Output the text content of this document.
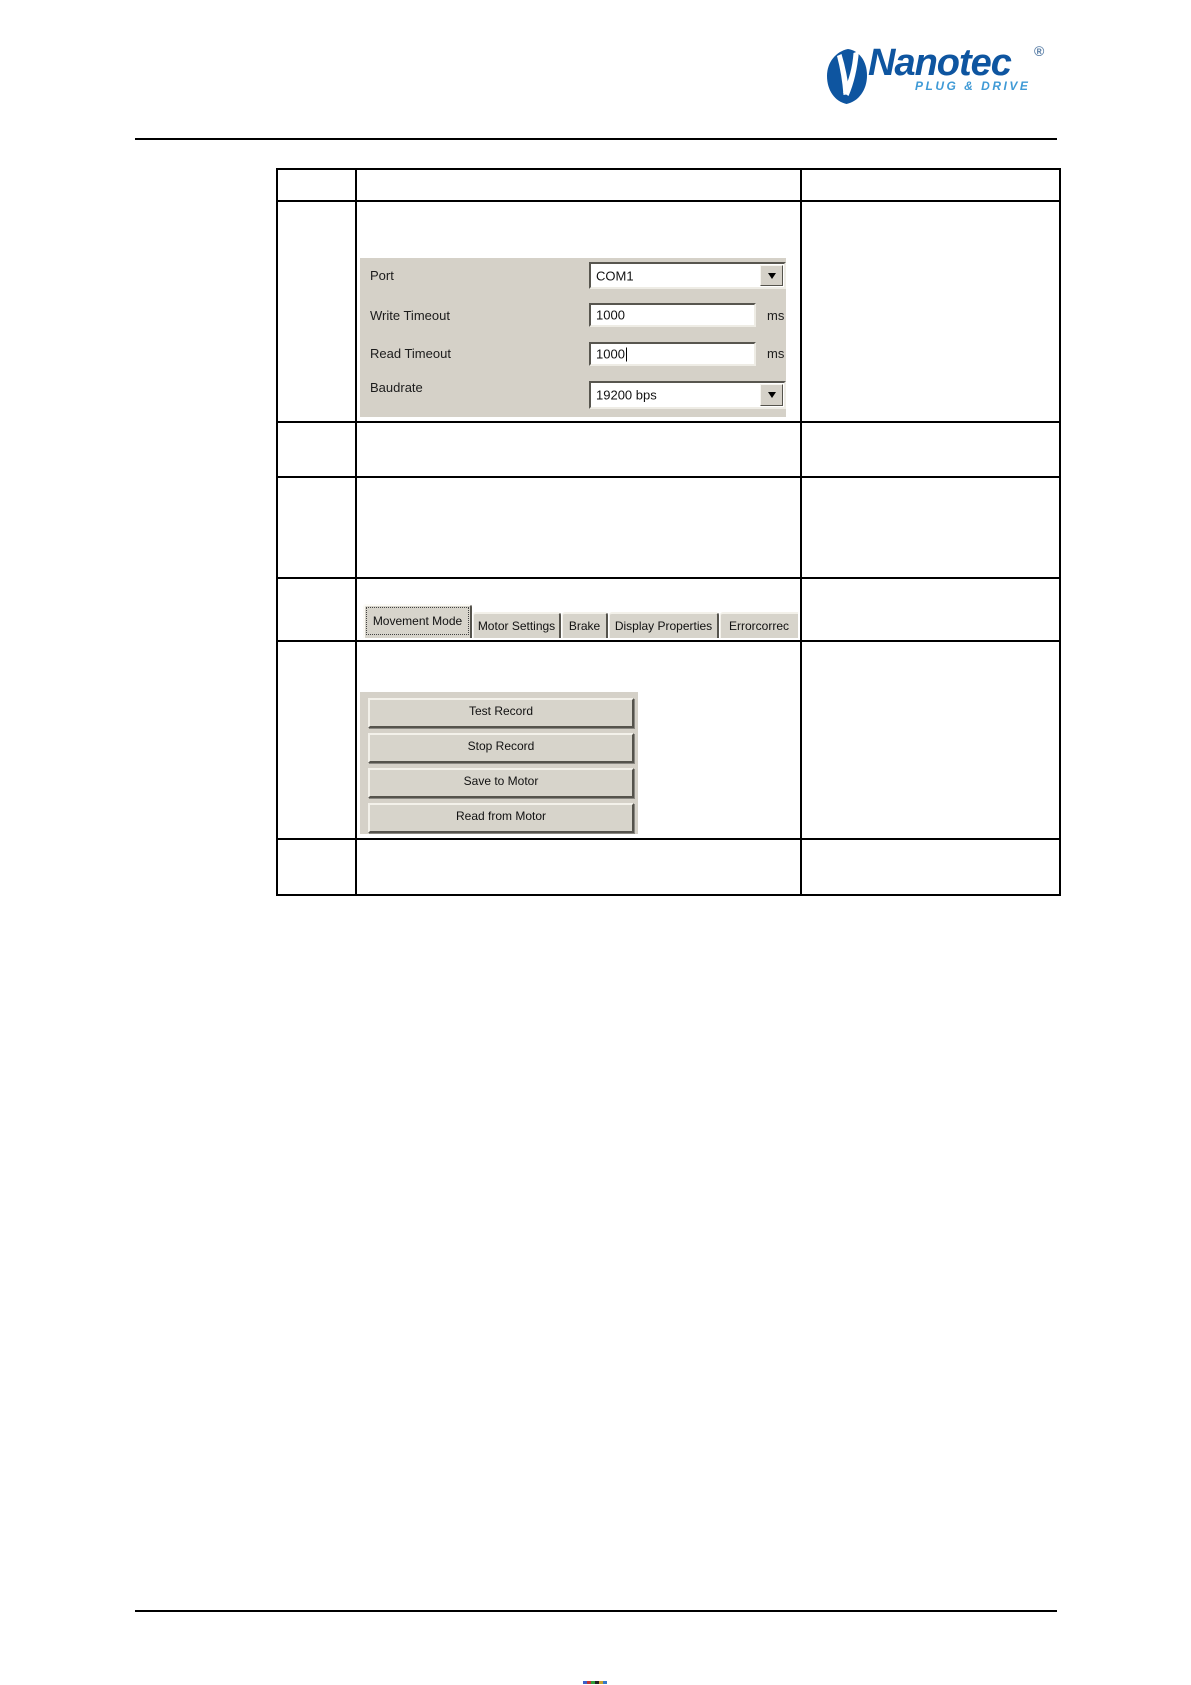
Nanotec ®
PLUG & DRIVE

Port	COM1
Write Timeout	1000	ms
Read Timeout	1000	ms
Baudrate	19200 bps

	Movement Mode Motor Settings Brake Display Properties Errorcorrec	

	Test Record
Stop Record
Save to Motor
Read from Motor	
